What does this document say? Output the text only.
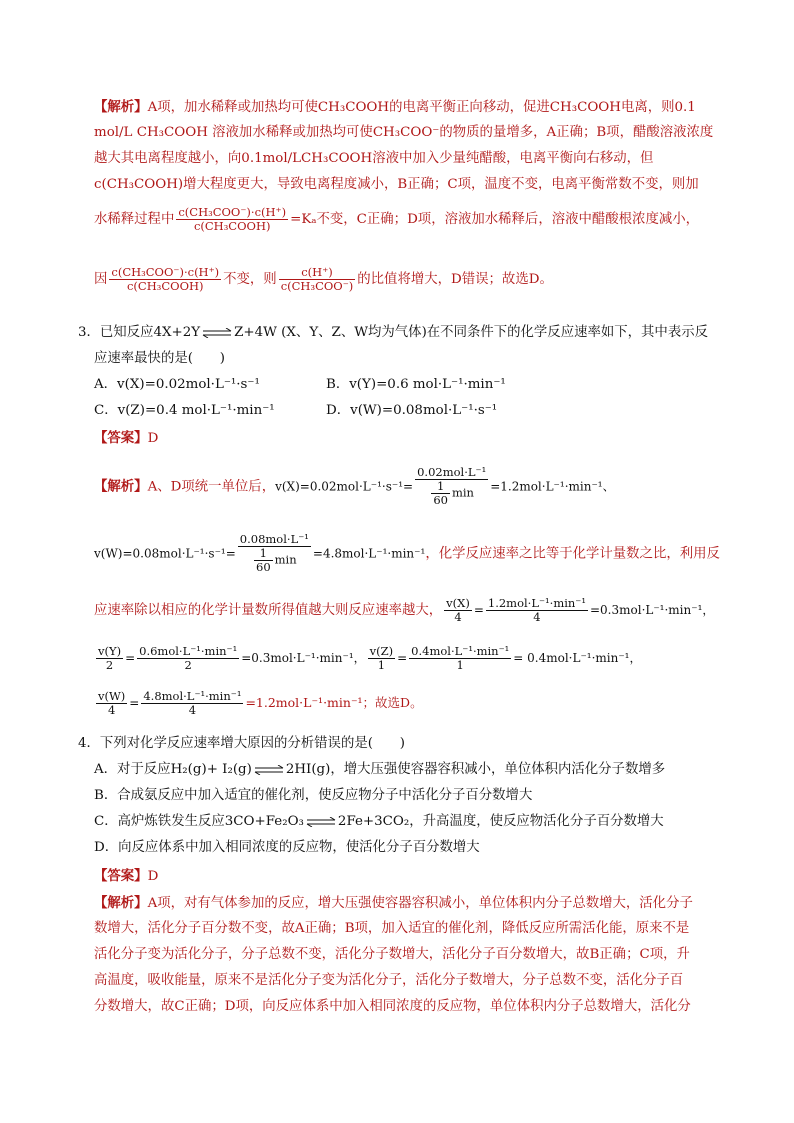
【解析】A项，加水稀释或加热均可使CH₃COOH的电离平衡正向移动，促进CH₃COOH电离，则0.1
mol/L CH₃COOH 溶液加水稀释或加热均可使CH₃COO⁻的物质的量增多，A正确；B项，醋酸溶液浓度
越大其电离程度越小，向0.1mol/LCH₃COOH溶液中加入少量纯醋酸，电离平衡向右移动，但
c(CH₃COOH)增大程度更大，导致电离程度减小，B正确；C项，温度不变，电离平衡常数不变，则加
水稀释过程中 $\frac{\text{c(CH₃COO⁻)·c(H⁺)}}{\text{c(CH₃COOH)}} =K_a$不变，C正确；D项，溶液加水稀释后，溶液中醋酸根浓度减小，
因 $\frac{\text{c(CH₃COO⁻)·c(H⁺)}}{\text{c(CH₃COOH)}}$ 不变，则 $\frac{c(H^+)}{\text{c(CH₃COO⁻)}}$ 的比值将增大，D错误；故选D。
3．已知反应4X+2Y ⇌ Z+4W (X、Y、Z、W均为气体)在不同条件下的化学反应速率如下，其中表示反
应速率最快的是(　　)
A．v(X)=0.02mol·L⁻¹·s⁻¹	B．v(Y)=0.6 mol·L⁻¹·min⁻¹
C．v(Z)=0.4 mol·L⁻¹·min⁻¹	D．v(W)=0.08mol·L⁻¹·s⁻¹
【答案】D
【解析】A、D项统一单位后，$v(X)=0.02mol\cdot L^{-1}\cdot s^{-1}= \frac{\text{0.02mol·L⁻¹}}{\frac{1}{60} \min} =1.2mol\cdot L^{-1}\cdot\min^{-1}$、
$v(W)=0.08mol\cdot L^{-1}\cdot s^{-1}= \frac{\text{0.08mol·L⁻¹}}{\frac{1}{60} \min} =4.8mol\cdot L^{-1}\cdot\min^{-1}$，化学反应速率之比等于化学计量数之比，利用反
应速率除以相应的化学计量数所得值越大则反应速率越大， $\frac{v(X)}{4} = \frac{\text{1.2mol·L⁻¹·min⁻¹}}{4} =0.3mol\cdot L^{-1}\cdot\min^{-1}$，
$\frac{v(Y)}{2} = \frac{\text{0.6mol·L⁻¹·min⁻¹}}{2} =0.3mol\cdot L^{-1}\cdot\min^{-1}$， $\frac{v(Z)}{1} = \frac{\text{0.4mol·L⁻¹·min⁻¹}}{1} = 0.4mol\cdot L^{-1}\cdot\min^{-1}$，
$\frac{v(W)}{4} = \frac{\text{4.8mol·L⁻¹·min⁻¹}}{4} =1.2mol\cdot L^{-1}\cdot\min^{-1}$；故选D。
4．下列对化学反应速率增大原因的分析错误的是(　　)
A．对于反应H₂(g)+ I₂(g) ⇌ 2HI(g)，增大压强使容器容积减小，单位体积内活化分子数增多
B．合成氨反应中加入适宜的催化剂，使反应物分子中活化分子百分数增大
C．高炉炼铁发生反应3CO+Fe₂O₃ ⇌ 2Fe+3CO₂，升高温度，使反应物活化分子百分数增大
D．向反应体系中加入相同浓度的反应物，使活化分子百分数增大
【答案】D
【解析】A项，对有气体参加的反应，增大压强使容器容积减小，单位体积内分子总数增大，活化分子
数增大，活化分子百分数不变，故A正确；B项，加入适宜的催化剂，降低反应所需活化能，原来不是
活化分子变为活化分子，分子总数不变，活化分子数增大，活化分子百分数增大，故B正确；C项，升
高温度，吸收能量，原来不是活化分子变为活化分子，活化分子数增大，分子总数不变，活化分子百
分数增大，故C正确；D项，向反应体系中加入相同浓度的反应物，单位体积内分子总数增大，活化分
